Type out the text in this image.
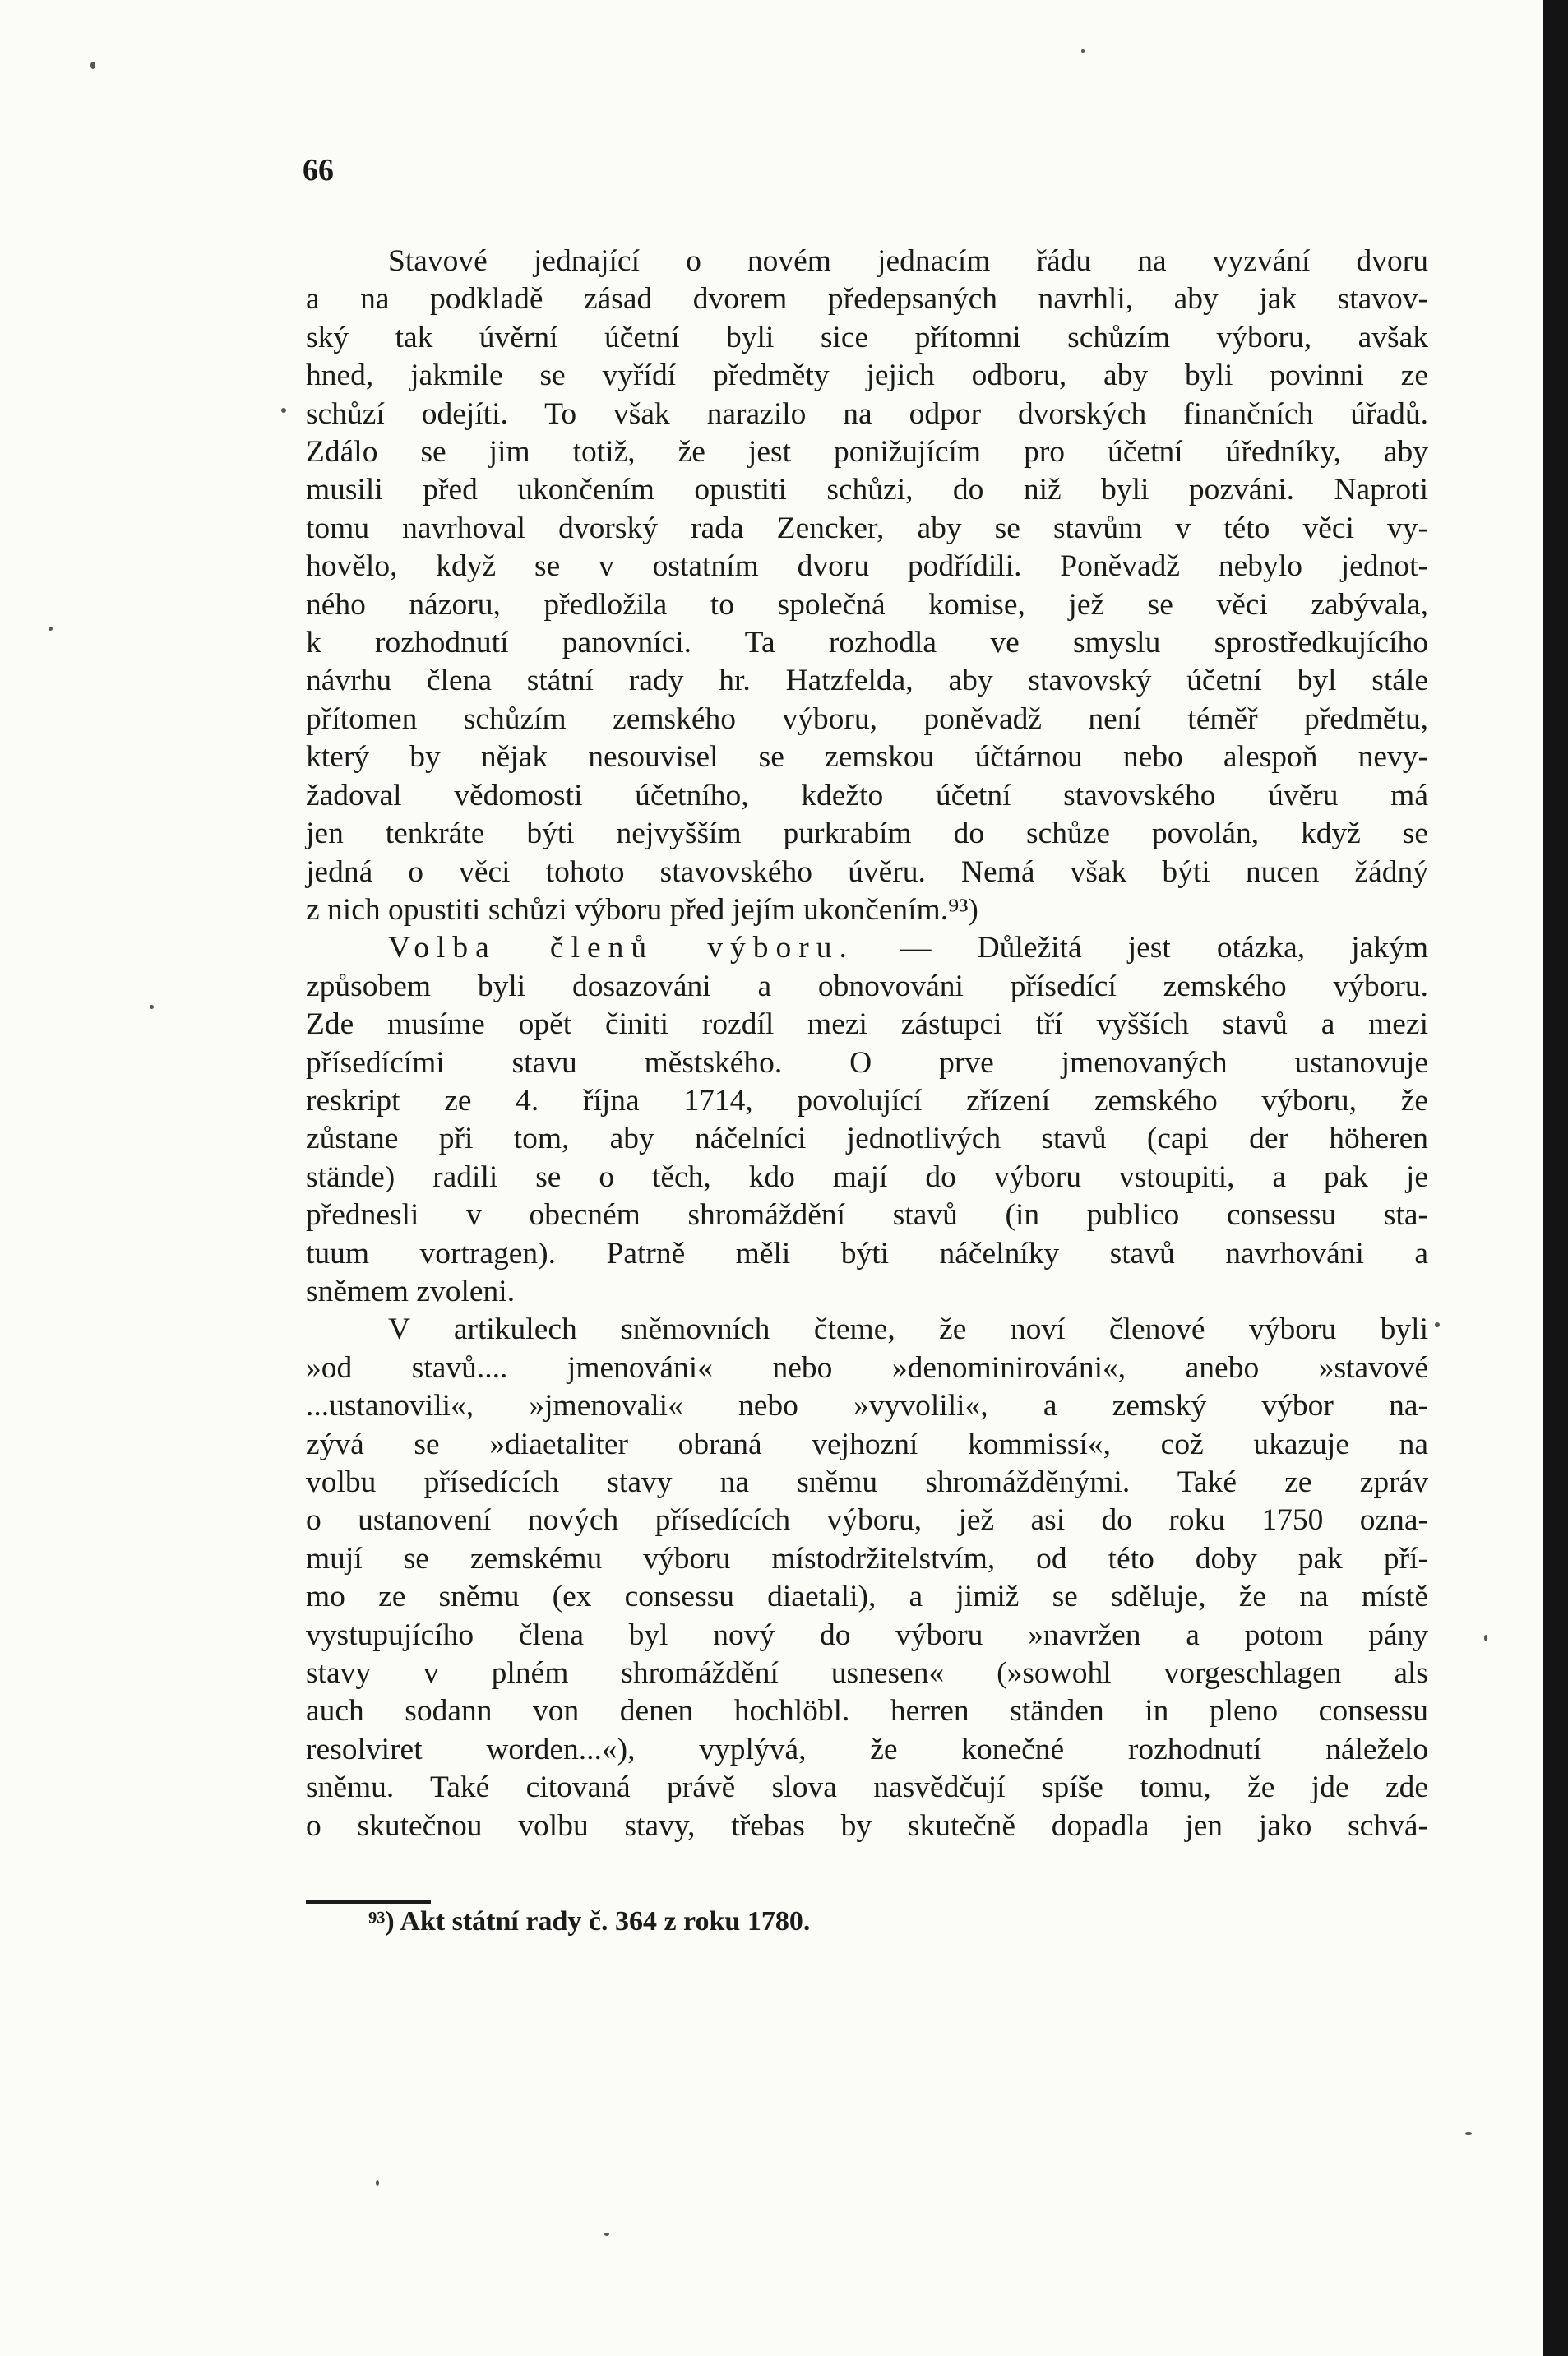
66

Stavové jednající o novém jednacím řádu na vyzvání dvoru

a na podkladě zásad dvorem předepsaných navrhli, aby jak stavov-

ský tak úvěrní účetní byli sice přítomni schůzím výboru, avšak

hned, jakmile se vyřídí předměty jejich odboru, aby byli povinni ze

schůzí odejíti. To však narazilo na odpor dvorských finančních úřadů.

Zdálo se jim totiž, že jest ponižujícím pro účetní úředníky, aby

musili před ukončením opustiti schůzi, do niž byli pozváni. Naproti

tomu navrhoval dvorský rada Zencker, aby se stavům v této věci vy-

hovělo, když se v ostatním dvoru podřídili. Poněvadž nebylo jednot-

ného názoru, předložila to společná komise, jež se věci zabývala,

k rozhodnutí panovníci. Ta rozhodla ve smyslu sprostředkujícího

návrhu člena státní rady hr. Hatzfelda, aby stavovský účetní byl stále

přítomen schůzím zemského výboru, poněvadž není téměř předmětu,

který by nějak nesouvisel se zemskou účtárnou nebo alespoň nevy-

žadoval vědomosti účetního, kdežto účetní stavovského úvěru má

jen tenkráte býti nejvyšším purkrabím do schůze povolán, když se

jedná o věci tohoto stavovského úvěru. Nemá však býti nucen žádný

z nich opustiti schůzi výboru před jejím ukončením.⁹³)

Volba členů výboru. — Důležitá jest otázka, jakým

způsobem byli dosazováni a obnovováni přísedící zemského výboru.

Zde musíme opět činiti rozdíl mezi zástupci tří vyšších stavů a mezi

přísedícími stavu městského. O prve jmenovaných ustanovuje

reskript ze 4. října 1714, povolující zřízení zemského výboru, že

zůstane při tom, aby náčelníci jednotlivých stavů (capi der höheren

stände) radili se o těch, kdo mají do výboru vstoupiti, a pak je

přednesli v obecném shromáždění stavů (in publico consessu sta-

tuum vortragen). Patrně měli býti náčelníky stavů navrhováni a

sněmem zvoleni.

V artikulech sněmovních čteme, že noví členové výboru byli

»od stavů.... jmenováni« nebo »denominirováni«, anebo »stavové

...ustanovili«, »jmenovali« nebo »vyvolili«, a zemský výbor na-

zývá se »diaetaliter obraná vejhozní kommissí«, což ukazuje na

volbu přísedících stavy na sněmu shromážděnými. Také ze zpráv

o ustanovení nových přísedících výboru, jež asi do roku 1750 ozna-

mují se zemskému výboru místodržitelstvím, od této doby pak pří-

mo ze sněmu (ex consessu diaetali), a jimiž se sděluje, že na místě

vystupujícího člena byl nový do výboru »navržen a potom pány

stavy v plném shromáždění usnesen« (»sowohl vorgeschlagen als

auch sodann von denen hochlöbl. herren ständen in pleno consessu

resolviret worden...«), vyplývá, že konečné rozhodnutí náleželo

sněmu. Také citovaná právě slova nasvědčují spíše tomu, že jde zde

o skutečnou volbu stavy, třebas by skutečně dopadla jen jako schvá-

⁹³) Akt státní rady č. 364 z roku 1780.
